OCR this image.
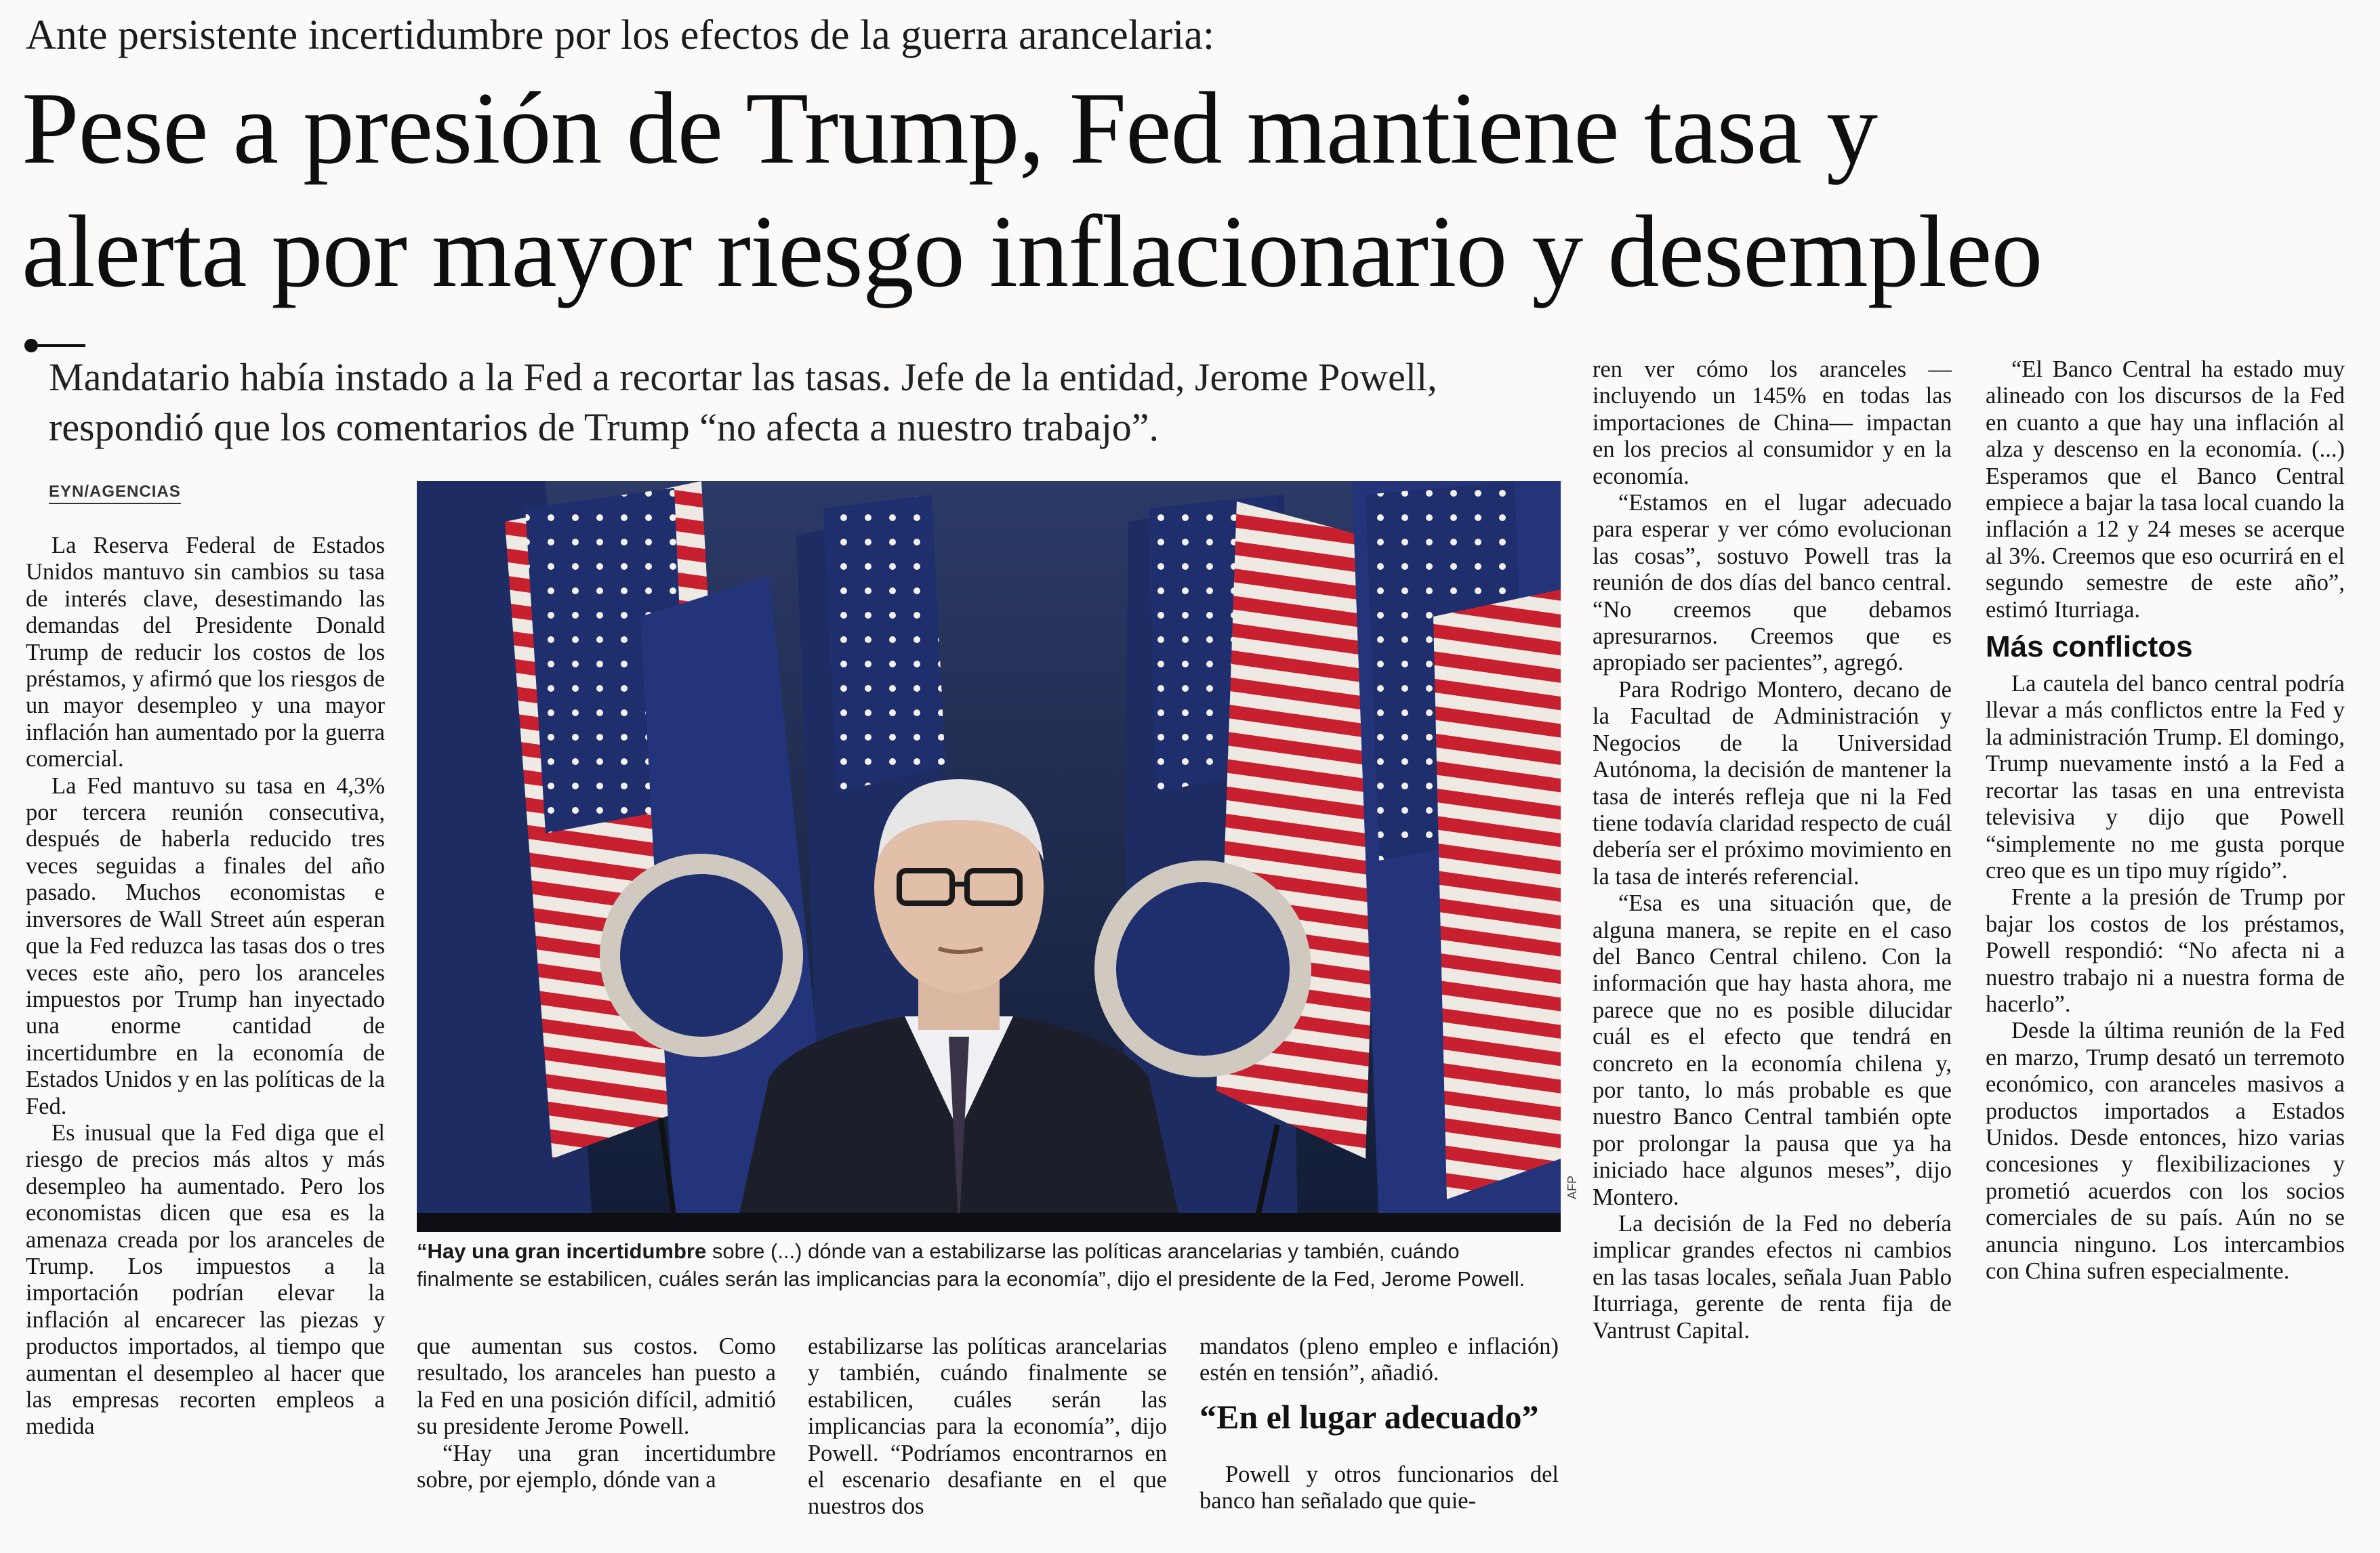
Ante persistente incertidumbre por los efectos de la guerra arancelaria:
Pese a presión de Trump, Fed mantiene tasa y
alerta por mayor riesgo inflacionario y desempleo
Mandatario había instado a la Fed a recortar las tasas. Jefe de la entidad, Jerome Powell, respondió que los comentarios de Trump “no afecta a nuestro trabajo”.
EYN/AGENCIAS

La Reserva Federal de Estados Unidos mantuvo sin cambios su tasa de interés clave, desestimando las demandas del Presidente Donald Trump de reducir los costos de los préstamos, y afirmó que los riesgos de un mayor desempleo y una mayor inflación han aumentado por la guerra comercial.

La Fed mantuvo su tasa en 4,3% por tercera reunión consecutiva, después de haberla reducido tres veces seguidas a finales del año pasado. Muchos economistas e inversores de Wall Street aún esperan que la Fed reduzca las tasas dos o tres veces este año, pero los aranceles impuestos por Trump han inyectado una enorme cantidad de incertidumbre en la economía de Estados Unidos y en las políticas de la Fed.

Es inusual que la Fed diga que el riesgo de precios más altos y más desempleo ha aumentado. Pero los economistas dicen que esa es la amenaza creada por los aranceles de Trump. Los impuestos a la importación podrían elevar la inflación al encarecer las piezas y productos importados, al tiempo que aumentan el desempleo al hacer que las empresas recorten empleos a medida

AFP
“Hay una gran incertidumbre sobre (...) dónde van a estabilizarse las políticas arancelarias y también, cuándo finalmente se estabilicen, cuáles serán las implicancias para la economía”, dijo el presidente de la Fed, Jerome Powell.

que aumentan sus costos. Como resultado, los aranceles han puesto a la Fed en una posición difícil, admitió su presidente Jerome Powell.

“Hay una gran incertidumbre sobre, por ejemplo, dónde van a

estabilizarse las políticas arancelarias y también, cuándo finalmente se estabilicen, cuáles serán las implicancias para la economía”, dijo Powell. “Podríamos encontrarnos en el escenario desafiante en el que nuestros dos

mandatos (pleno empleo e inflación) estén en tensión”, añadió.

“En el lugar adecuado”

Powell y otros funcionarios del banco han señalado que quie-

ren ver cómo los aranceles —incluyendo un 145% en todas las importaciones de China— impactan en los precios al consumidor y en la economía.

“Estamos en el lugar adecuado para esperar y ver cómo evolucionan las cosas”, sostuvo Powell tras la reunión de dos días del banco central. “No creemos que debamos apresurarnos. Creemos que es apropiado ser pacientes”, agregó.

Para Rodrigo Montero, decano de la Facultad de Administración y Negocios de la Universidad Autónoma, la decisión de mantener la tasa de interés refleja que ni la Fed tiene todavía claridad respecto de cuál debería ser el próximo movimiento en la tasa de interés referencial.

“Esa es una situación que, de alguna manera, se repite en el caso del Banco Central chileno. Con la información que hay hasta ahora, me parece que no es posible dilucidar cuál es el efecto que tendrá en concreto en la economía chilena y, por tanto, lo más probable es que nuestro Banco Central también opte por prolongar la pausa que ya ha iniciado hace algunos meses”, dijo Montero.

La decisión de la Fed no debería implicar grandes efectos ni cambios en las tasas locales, señala Juan Pablo Iturriaga, gerente de renta fija de Vantrust Capital.

“El Banco Central ha estado muy alineado con los discursos de la Fed en cuanto a que hay una inflación al alza y descenso en la economía. (...) Esperamos que el Banco Central empiece a bajar la tasa local cuando la inflación a 12 y 24 meses se acerque al 3%. Creemos que eso ocurrirá en el segundo semestre de este año”, estimó Iturriaga.

Más conflictos

La cautela del banco central podría llevar a más conflictos entre la Fed y la administración Trump. El domingo, Trump nuevamente instó a la Fed a recortar las tasas en una entrevista televisiva y dijo que Powell “simplemente no me gusta porque creo que es un tipo muy rígido”.

Frente a la presión de Trump por bajar los costos de los préstamos, Powell respondió: “No afecta ni a nuestro trabajo ni a nuestra forma de hacerlo”.

Desde la última reunión de la Fed en marzo, Trump desató un terremoto económico, con aranceles masivos a productos importados a Estados Unidos. Desde entonces, hizo varias concesiones y flexibilizaciones y prometió acuerdos con los socios comerciales de su país. Aún no se anuncia ninguno. Los intercambios con China sufren especialmente.
